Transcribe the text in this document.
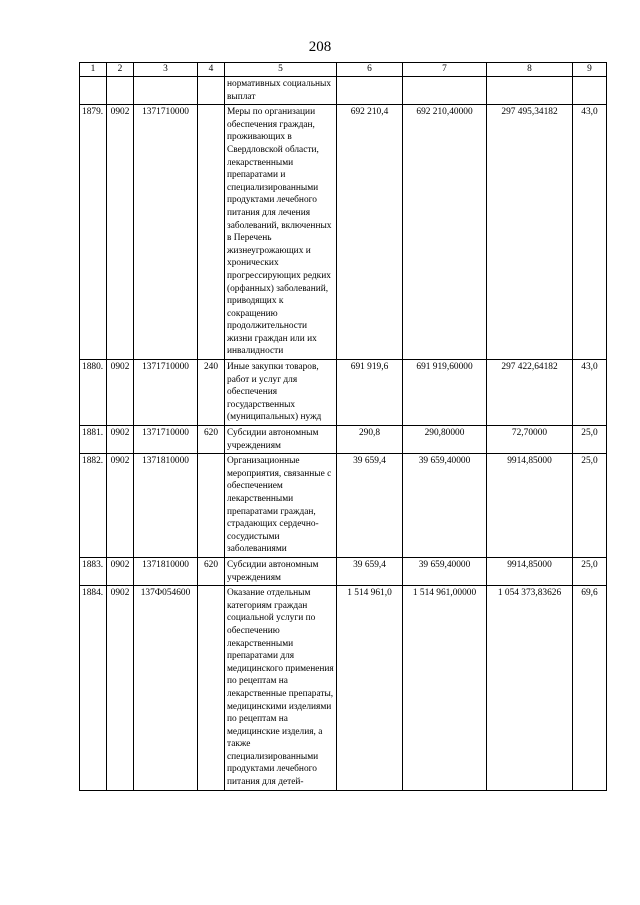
208
1	2	3	4	5	6	7	8	9
				нормативных социальных выплат				
1879.	0902	1371710000		Меры по организации обеспечения граждан, проживающих в Свердловской области, лекарственными препаратами и специализированными продуктами лечебного питания для лечения заболеваний, включенных в Перечень жизнеугрожающих и хронических прогрессирующих редких (орфанных) заболеваний, приводящих к сокращению продолжительности жизни граждан или их инвалидности	692 210,4	692 210,40000	297 495,34182	43,0
1880.	0902	1371710000	240	Иные закупки товаров, работ и услуг для обеспечения государственных (муниципальных) нужд	691 919,6	691 919,60000	297 422,64182	43,0
1881.	0902	1371710000	620	Субсидии автономным учреждениям	290,8	290,80000	72,70000	25,0
1882.	0902	1371810000		Организационные мероприятия, связанные с обеспечением лекарственными препаратами граждан, страдающих сердечно-сосудистыми заболеваниями	39 659,4	39 659,40000	9914,85000	25,0
1883.	0902	1371810000	620	Субсидии автономным учреждениям	39 659,4	39 659,40000	9914,85000	25,0
1884.	0902	137Ф054600		Оказание отдельным категориям граждан социальной услуги по обеспечению лекарственными препаратами для медицинского применения по рецептам на лекарственные препараты, медицинскими изделиями по рецептам на медицинские изделия, а также специализированными продуктами лечебного питания для детей-	1 514 961,0	1 514 961,00000	1 054 373,83626	69,6
